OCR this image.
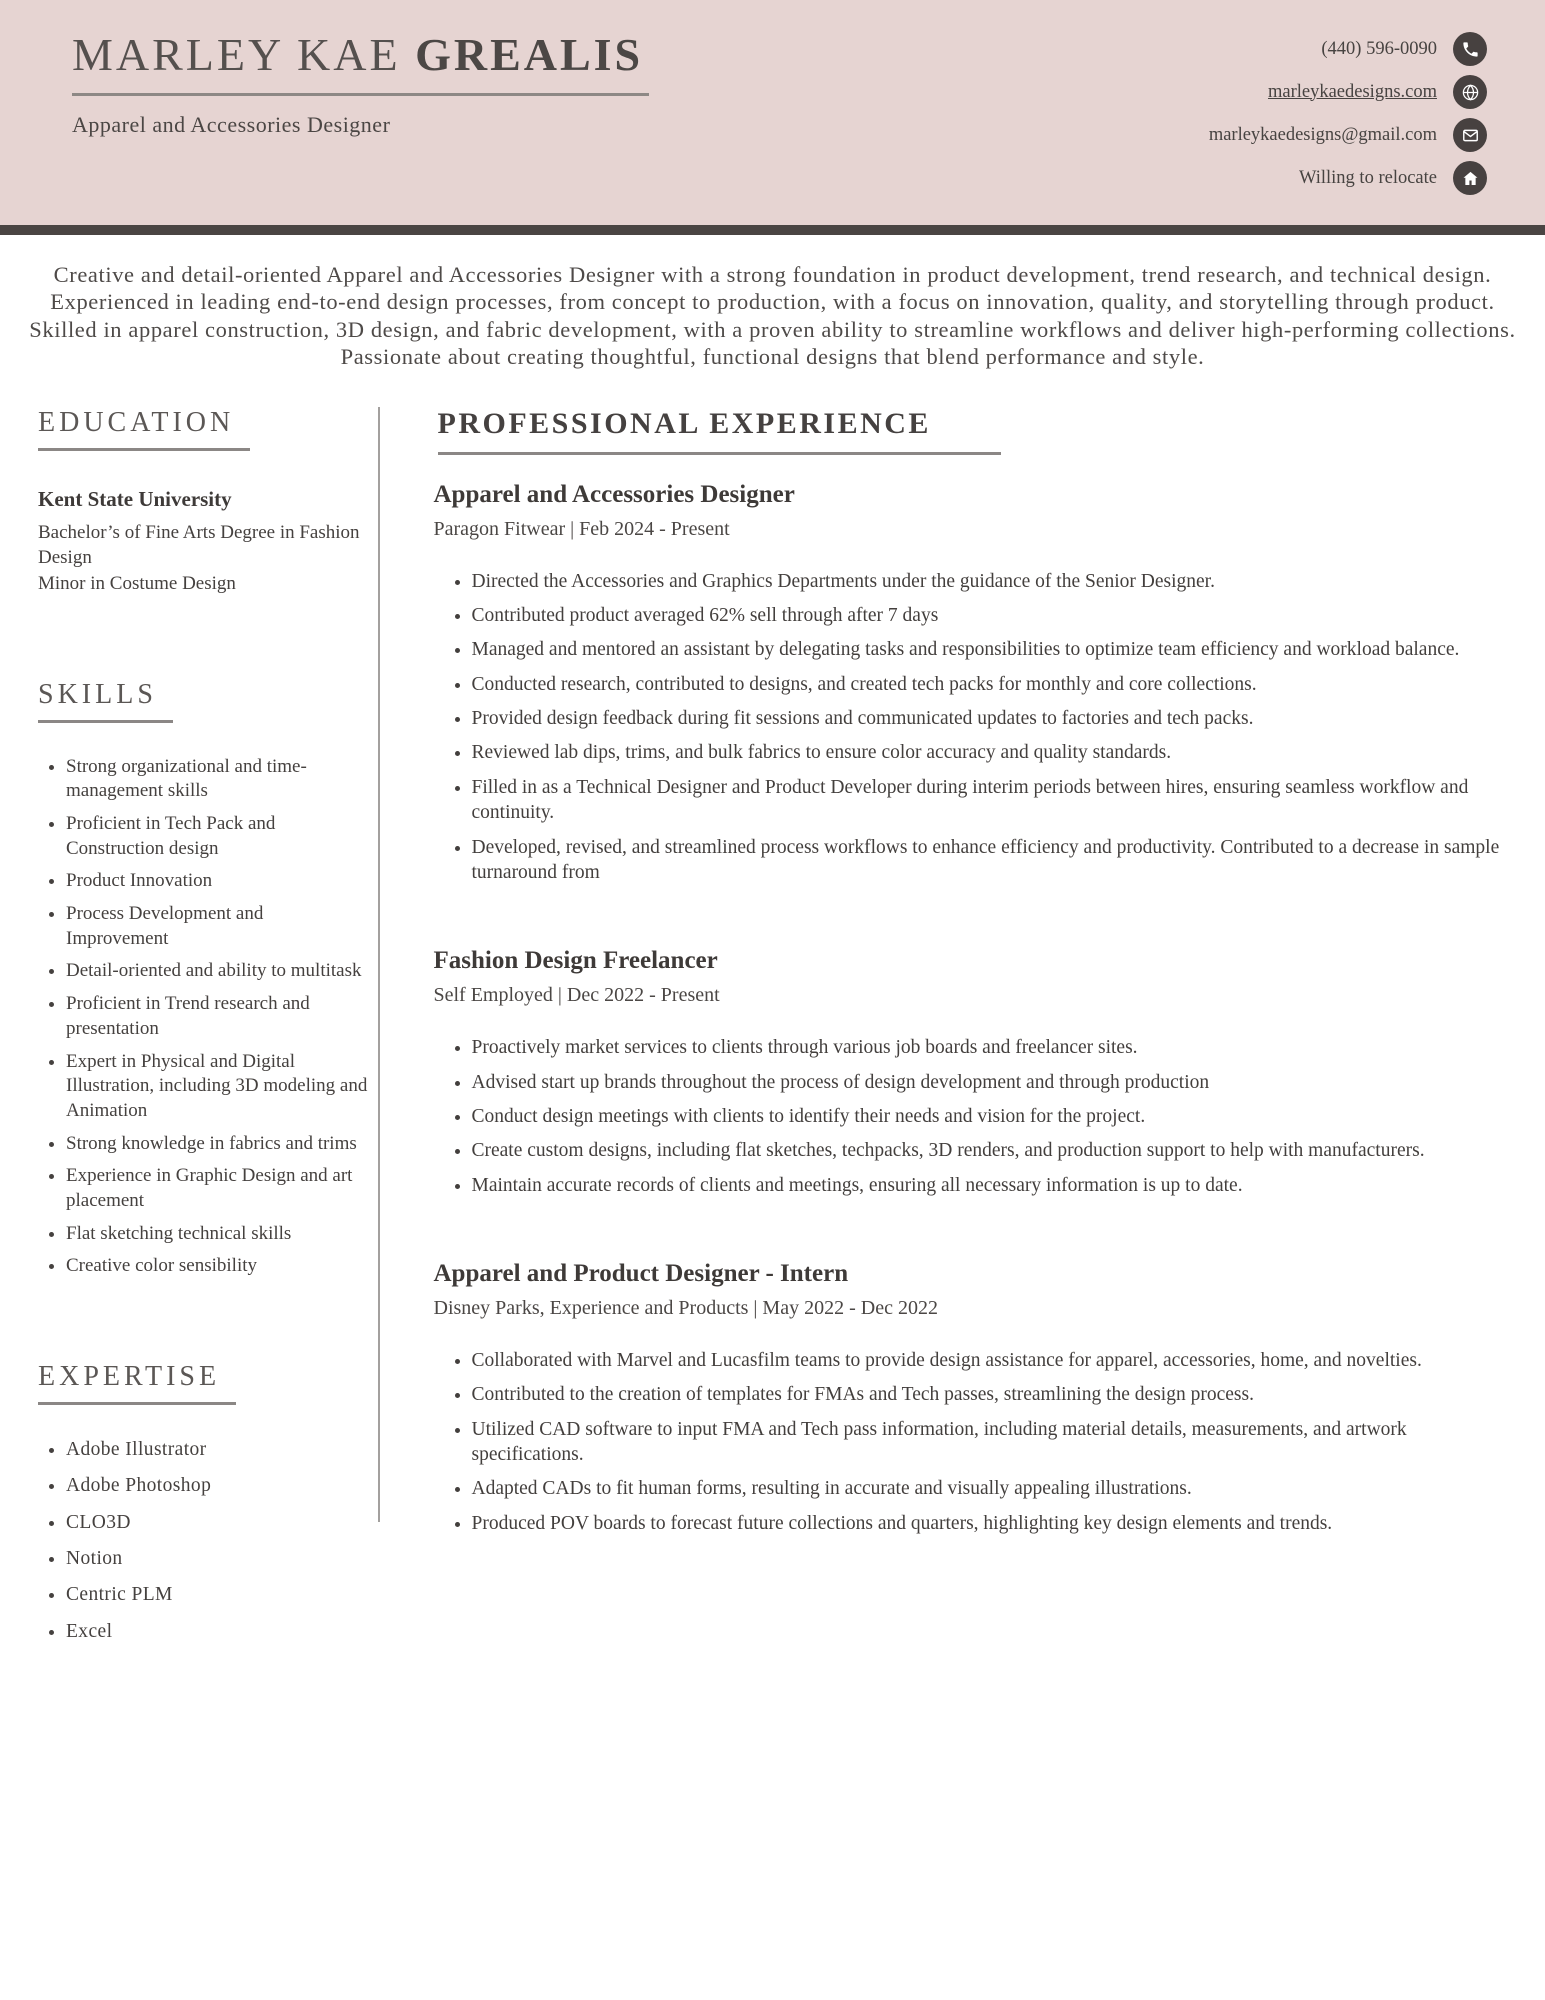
MARLEY KAE GREALIS
Apparel and Accessories Designer
(440) 596-0090
marleykaedesigns.com
marleykaedesigns@gmail.com
Willing to relocate

Creative and detail-oriented Apparel and Accessories Designer with a strong foundation in product development, trend research, and technical design. Experienced in leading end-to-end design processes, from concept to production, with a focus on innovation, quality, and storytelling through product. Skilled in apparel construction, 3D design, and fabric development, with a proven ability to streamline workflows and deliver high-performing collections. Passionate about creating thoughtful, functional designs that blend performance and style.

EDUCATION
Kent State University
Bachelor’s of Fine Arts Degree in Fashion Design
Minor in Costume Design
SKILLS
• Strong organizational and time-management skills
• Proficient in Tech Pack and Construction design
• Product Innovation
• Process Development and Improvement
• Detail-oriented and ability to multitask
• Proficient in Trend research and presentation
• Expert in Physical and Digital Illustration, including 3D modeling and Animation
• Strong knowledge in fabrics and trims
• Experience in Graphic Design and art placement
• Flat sketching technical skills
• Creative color sensibility
EXPERTISE
• Adobe Illustrator
• Adobe Photoshop
• CLO3D
• Notion
• Centric PLM
• Excel
PROFESSIONAL EXPERIENCE
Apparel and Accessories Designer

Paragon Fitwear | Feb 2024 - Present

• Directed the Accessories and Graphics Departments under the guidance of the Senior Designer.
• Contributed product averaged 62% sell through after 7 days
• Managed and mentored an assistant by delegating tasks and responsibilities to optimize team efficiency and workload balance.
• Conducted research, contributed to designs, and created tech packs for monthly and core collections.
• Provided design feedback during fit sessions and communicated updates to factories and tech packs.
• Reviewed lab dips, trims, and bulk fabrics to ensure color accuracy and quality standards.
• Filled in as a Technical Designer and Product Developer during interim periods between hires, ensuring seamless workflow and continuity.
• Developed, revised, and streamlined process workflows to enhance efficiency and productivity. Contributed to a decrease in sample turnaround from
Fashion Design Freelancer

Self Employed | Dec 2022 - Present

• Proactively market services to clients through various job boards and freelancer sites.
• Advised start up brands throughout the process of design development and through production
• Conduct design meetings with clients to identify their needs and vision for the project.
• Create custom designs, including flat sketches, techpacks, 3D renders, and production support to help with manufacturers.
• Maintain accurate records of clients and meetings, ensuring all necessary information is up to date.
Apparel and Product Designer - Intern

Disney Parks, Experience and Products | May 2022 - Dec 2022

• Collaborated with Marvel and Lucasfilm teams to provide design assistance for apparel, accessories, home, and novelties.
• Contributed to the creation of templates for FMAs and Tech passes, streamlining the design process.
• Utilized CAD software to input FMA and Tech pass information, including material details, measurements, and artwork specifications.
• Adapted CADs to fit human forms, resulting in accurate and visually appealing illustrations.
• Produced POV boards to forecast future collections and quarters, highlighting key design elements and trends.
